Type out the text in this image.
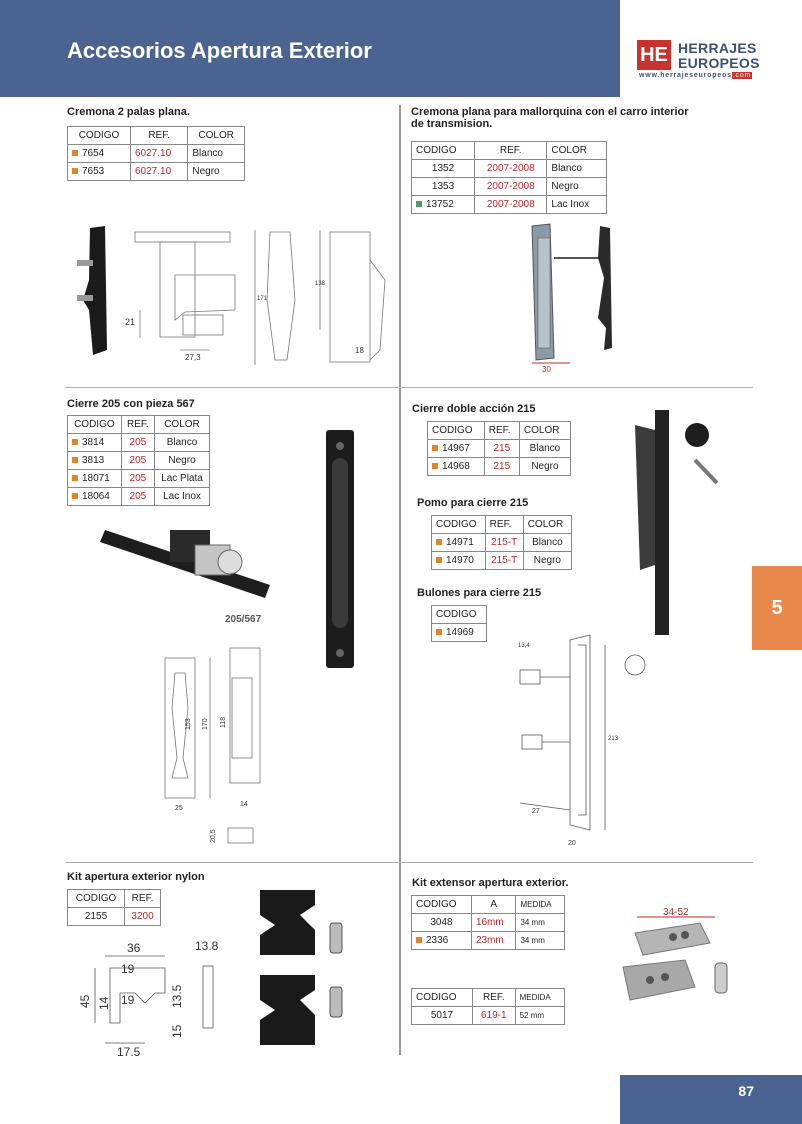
Accesorios Apertura Exterior	HE HERRAJES
EUROPEOS
www.herrajeseuropeos.com
Cremona 2 palas plana.
CODIGO	REF.	COLOR
7654	6027.10	Blanco
7653	6027.10	Negro
21
27,3
171
138
18
Cremona plana para mallorquina con el carro interior
de transmision.
CODIGO	REF.	COLOR
1352	2007-2008	Blanco
1353	2007-2008	Negro
13752	2007-2008	Lac Inox
30
Cierre 205 con pieza 567
CODIGO	REF.	COLOR
3814	205	Blanco
3813	205	Negro
18071	205	Lac Plata
18064	205	Lac Inox
205/567
153 170 118
25
14
20,5
Cierre doble acción 215
CODIGO	REF.	COLOR
14967	215	Blanco
14968	215	Negro
Pomo para cierre 215
CODIGO	REF.	COLOR
14971	215-T	Blanco
14970	215-T	Negro
Bulones para cierre 215
CODIGO
14969
13,4
213
27
20
5
Kit apertura exterior nylon
CODIGO	REF.
2155	3200
36	13.8
19
45 14 19	13.5
15
17.5
Kit extensor apertura exterior.
CODIGO	A	MEDIDA
3048	16mm	34 mm
2336	23mm	34 mm
CODIGO	REF.	MEDIDA
5017	619-1	52 mm
34-52
87
